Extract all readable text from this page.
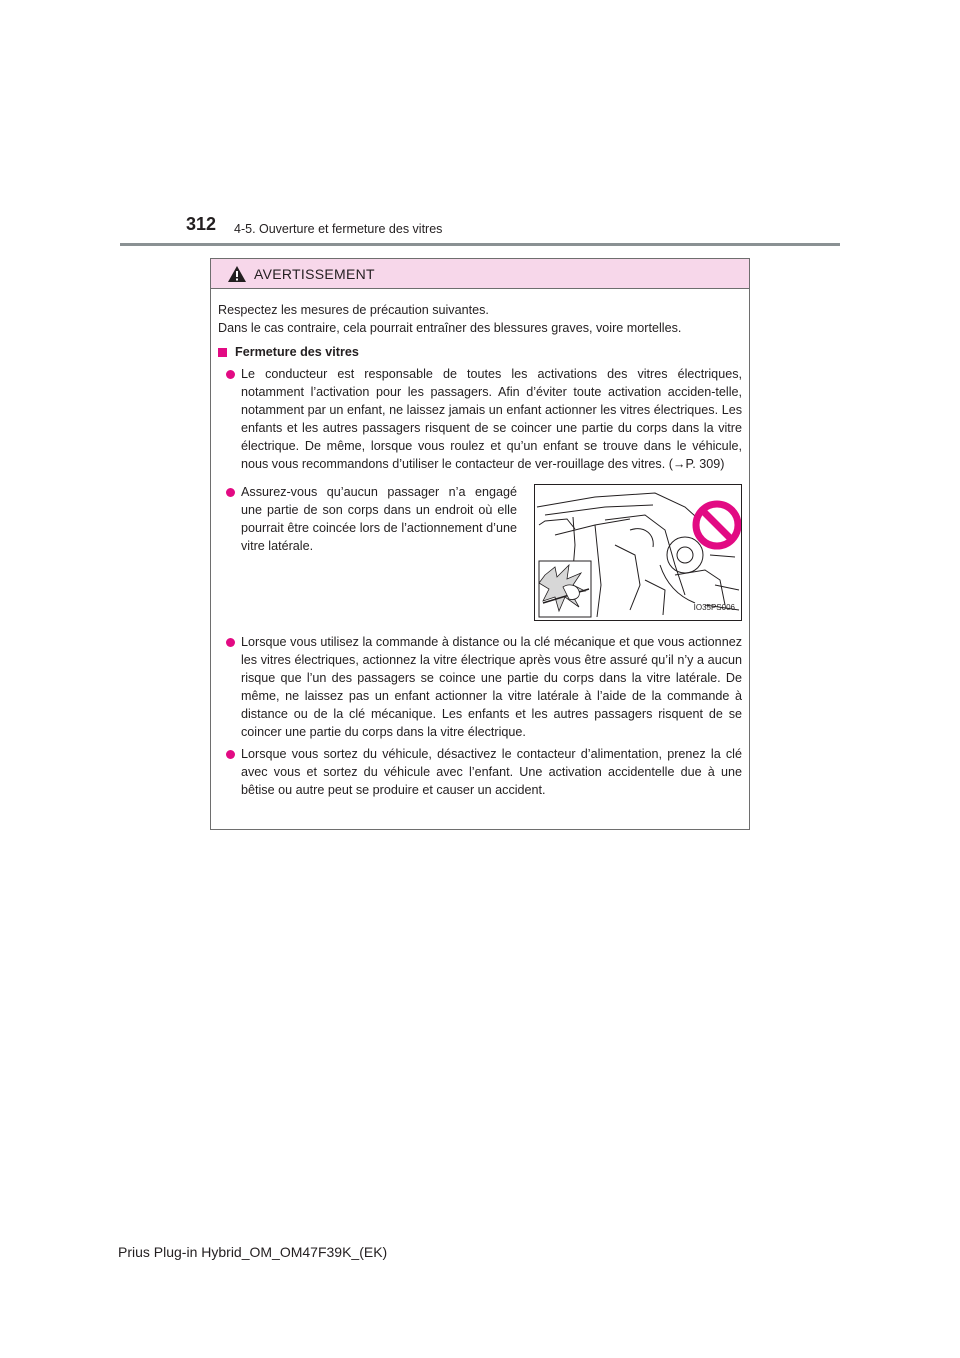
312 4-5. Ouverture et fermeture des vitres
AVERTISSEMENT

Respectez les mesures de précaution suivantes.

Dans le cas contraire, cela pourrait entraîner des blessures graves, voire mortelles.

Fermeture des vitres
Le conducteur est responsable de toutes les activations des vitres électriques, notamment l’activation pour les passagers. Afin d’éviter toute activation acciden-telle, notamment par un enfant, ne laissez jamais un enfant actionner les vitres électriques. Les enfants et les autres passagers risquent de se coincer une partie du corps dans la vitre électrique. De même, lorsque vous roulez et qu’un enfant se trouve dans le véhicule, nous vous recommandons d’utiliser le contacteur de ver-rouillage des vitres. (→P. 309)
Assurez-vous qu’aucun passager n’a engagé une partie de son corps dans un endroit où elle pourrait être coincée lors de l’actionnement d’une vitre latérale.
IO35PS006
Lorsque vous utilisez la commande à distance ou la clé mécanique et que vous actionnez les vitres électriques, actionnez la vitre électrique après vous être assuré qu’il n’y a aucun risque que l’un des passagers se coince une partie du corps dans la vitre latérale. De même, ne laissez pas un enfant actionner la vitre latérale à l’aide de la commande à distance ou de la clé mécanique. Les enfants et les autres passagers risquent de se coincer une partie du corps dans la vitre électrique.
Lorsque vous sortez du véhicule, désactivez le contacteur d’alimentation, prenez la clé avec vous et sortez du véhicule avec l’enfant. Une activation accidentelle due à une bêtise ou autre peut se produire et causer un accident.
Prius Plug-in Hybrid_OM_OM47F39K_(EK)
